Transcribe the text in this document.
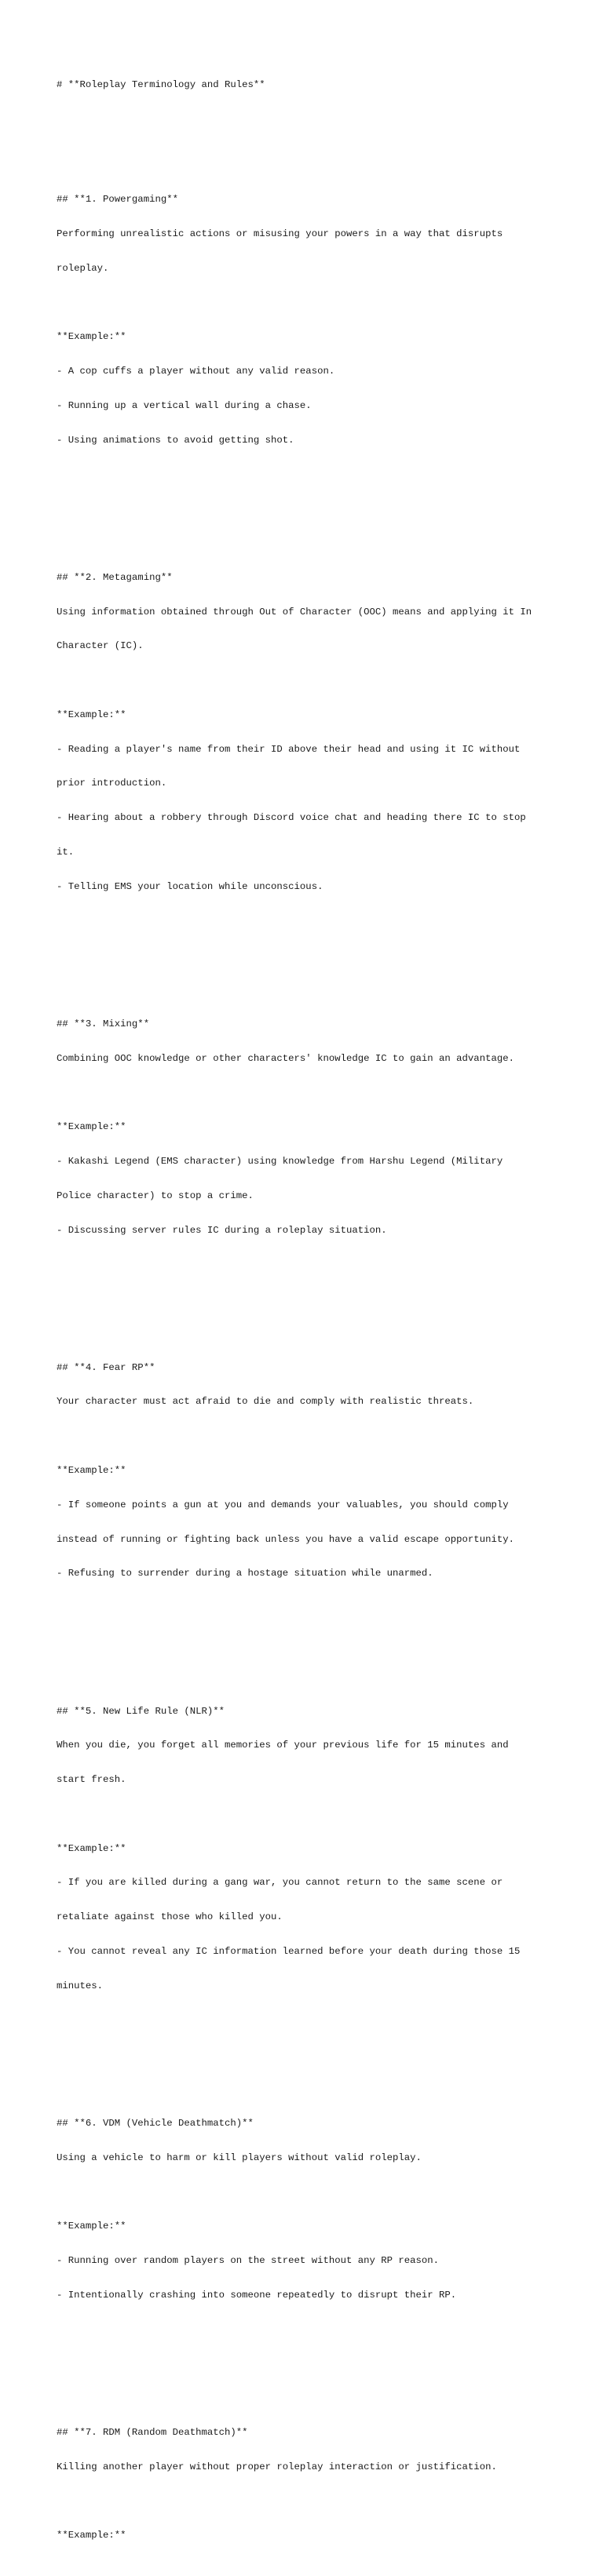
# **Roleplay Terminology and Rules**

## **1. Powergaming**

Performing unrealistic actions or misusing your powers in a way that disrupts

roleplay.

**Example:**

- A cop cuffs a player without any valid reason.

- Running up a vertical wall during a chase.

- Using animations to avoid getting shot.

## **2. Metagaming**

Using information obtained through Out of Character (OOC) means and applying it In

Character (IC).

**Example:**

- Reading a player's name from their ID above their head and using it IC without

prior introduction.

- Hearing about a robbery through Discord voice chat and heading there IC to stop

it.

- Telling EMS your location while unconscious.

## **3. Mixing**

Combining OOC knowledge or other characters' knowledge IC to gain an advantage.

**Example:**

- Kakashi Legend (EMS character) using knowledge from Harshu Legend (Military

Police character) to stop a crime.

- Discussing server rules IC during a roleplay situation.

## **4. Fear RP**

Your character must act afraid to die and comply with realistic threats.

**Example:**

- If someone points a gun at you and demands your valuables, you should comply

instead of running or fighting back unless you have a valid escape opportunity.

- Refusing to surrender during a hostage situation while unarmed.

## **5. New Life Rule (NLR)**

When you die, you forget all memories of your previous life for 15 minutes and

start fresh.

**Example:**

- If you are killed during a gang war, you cannot return to the same scene or

retaliate against those who killed you.

- You cannot reveal any IC information learned before your death during those 15

minutes.

## **6. VDM (Vehicle Deathmatch)**

Using a vehicle to harm or kill players without valid roleplay.

**Example:**

- Running over random players on the street without any RP reason.

- Intentionally crashing into someone repeatedly to disrupt their RP.

## **7. RDM (Random Deathmatch)**

Killing another player without proper roleplay interaction or justification.

**Example:**
